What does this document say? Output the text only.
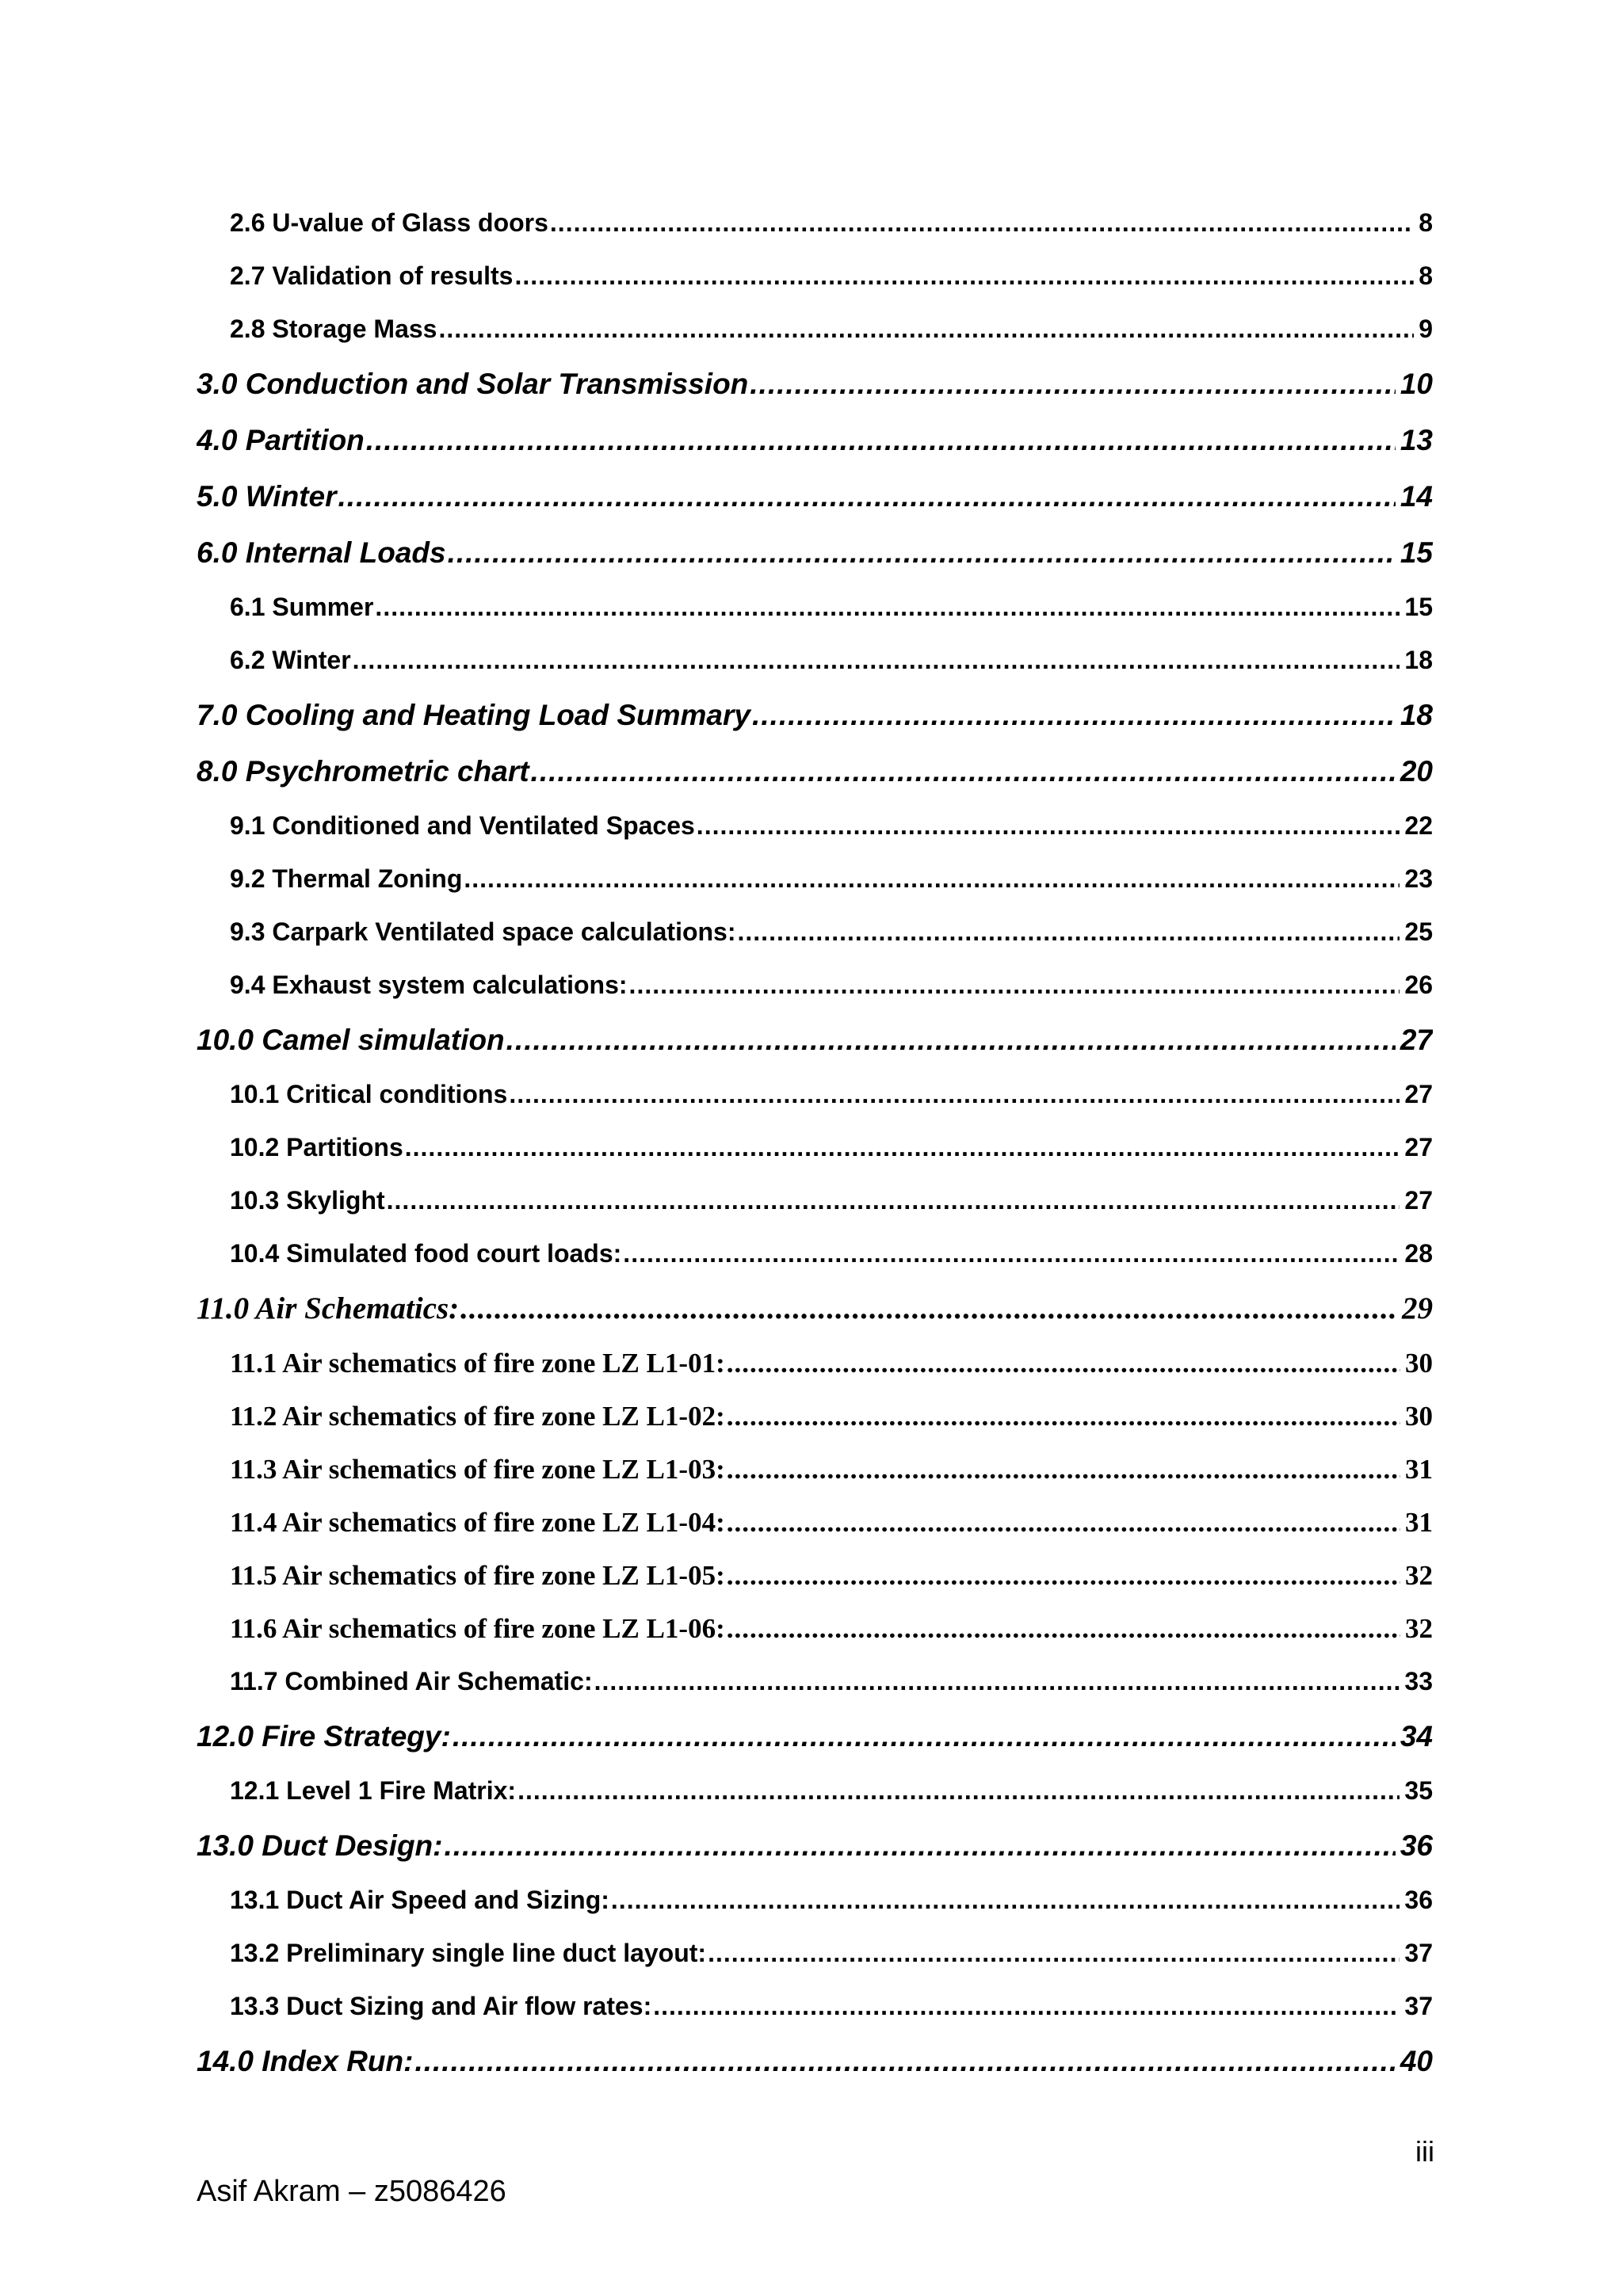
2.6 U-value of Glass doors .....	8
2.7 Validation of results .....	8
2.8 Storage Mass .....	9
3.0 Conduction and Solar Transmission .....	10
4.0 Partition .....	13
5.0 Winter .....	14
6.0 Internal Loads .....	15
6.1 Summer .....	15
6.2 Winter .....	18
7.0 Cooling and Heating Load Summary .....	18
8.0 Psychrometric chart .....	20
9.1 Conditioned and Ventilated Spaces .....	22
9.2 Thermal Zoning .....	23
9.3 Carpark Ventilated space calculations: .....	25
9.4 Exhaust system calculations: .....	26
10.0 Camel simulation .....	27
10.1 Critical conditions .....	27
10.2 Partitions .....	27
10.3 Skylight .....	27
10.4 Simulated food court loads: .....	28
11.0 Air Schematics: .....	29
11.1 Air schematics of fire zone LZ L1-01: .....	30
11.2 Air schematics of fire zone LZ L1-02: .....	30
11.3 Air schematics of fire zone LZ L1-03: .....	31
11.4 Air schematics of fire zone LZ L1-04: .....	31
11.5 Air schematics of fire zone LZ L1-05: .....	32
11.6 Air schematics of fire zone LZ L1-06: .....	32
11.7 Combined Air Schematic: .....	33
12.0 Fire Strategy: .....	34
12.1 Level 1 Fire Matrix: .....	35
13.0 Duct Design: .....	36
13.1 Duct Air Speed and Sizing: .....	36
13.2 Preliminary single line duct layout: .....	37
13.3 Duct Sizing and Air flow rates: .....	37
14.0 Index Run: .....	40
iii
Asif Akram – z5086426
